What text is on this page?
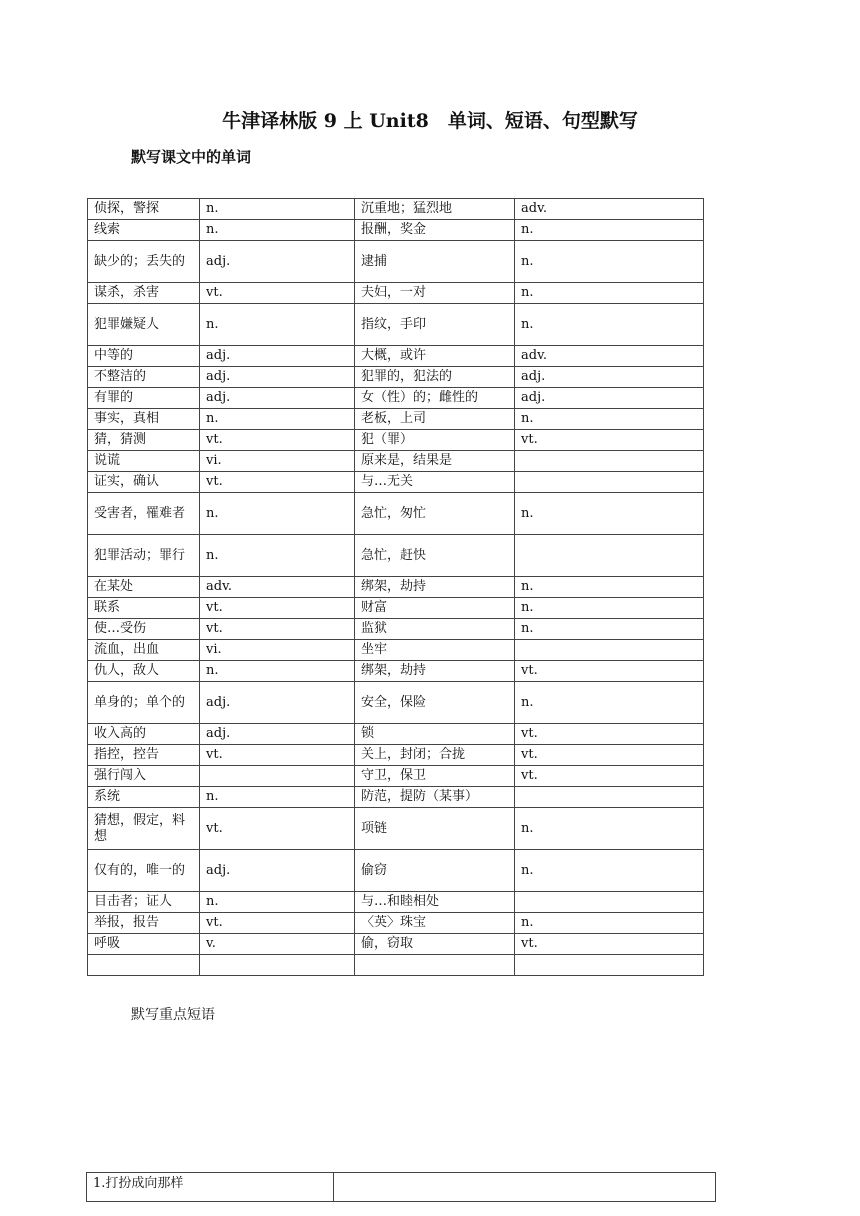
牛津译林版 9 上 Unit8　单词、短语、句型默写
默写课文中的单词
侦探，警探	n.	沉重地；猛烈地	adv.
线索	n.	报酬，奖金	n.
缺少的；丢失的	adj.	逮捕	n.
谋杀，杀害	vt.	夫妇，一对	n.
犯罪嫌疑人	n.	指纹，手印	n.
中等的	adj.	大概，或许	adv.
不整洁的	adj.	犯罪的，犯法的	adj.
有罪的	adj.	女（性）的；雌性的	adj.
事实，真相	n.	老板，上司	n.
猜，猜测	vt.	犯（罪）	vt.
说谎	vi.	原来是，结果是	
证实，确认	vt.	与…无关	
受害者，罹难者	n.	急忙，匆忙	n.
犯罪活动；罪行	n.	急忙，赶快	
在某处	adv.	绑架，劫持	n.
联系	vt.	财富	n.
使…受伤	vt.	监狱	n.
流血，出血	vi.	坐牢	
仇人，敌人	n.	绑架，劫持	vt.
单身的；单个的	adj.	安全，保险	n.
收入高的	adj.	锁	vt.
指控，控告	vt.	关上，封闭；合拢	vt.
强行闯入		守卫，保卫	vt.
系统	n.	防范，提防（某事）	
猜想，假定，料想	vt.	项链	n.
仅有的，唯一的	adj.	偷窃	n.
目击者；证人	n.	与…和睦相处	
举报，报告	vt.	〈英〉珠宝	n.
呼吸	v.	偷，窃取	vt.

默写重点短语
1.打扮成向那样	
